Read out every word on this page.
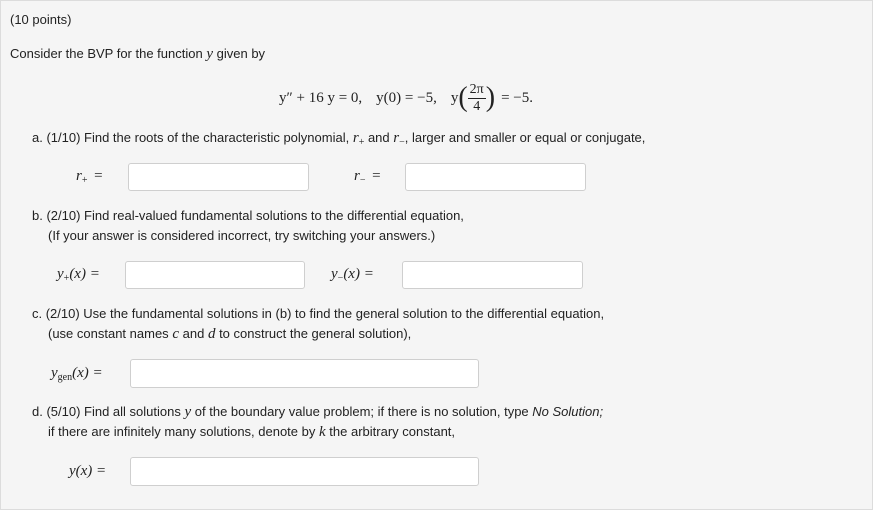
(10 points)
Consider the BVP for the function y given by
y″ + 16 y = 0, y(0) = −5, y ( $\frac{2\pi}{4}$ ) = −5.
a. (1/10) Find the roots of the characteristic polynomial, $r_+$ and $r_-$, larger and smaller or equal or conjugate,
$r_+$ =	$r_-$ =
b. (2/10) Find real-valued fundamental solutions to the differential equation,
(If your answer is considered incorrect, try switching your answers.)
$y_+(x)$ =	$y_-(x)$ =
c. (2/10) Use the fundamental solutions in (b) to find the general solution to the differential equation,
(use constant names c and d to construct the general solution),
$y_{gen}(x)$ =
d. (5/10) Find all solutions y of the boundary value problem; if there is no solution, type No Solution;
if there are infinitely many solutions, denote by k the arbitrary constant,
y(x) =
